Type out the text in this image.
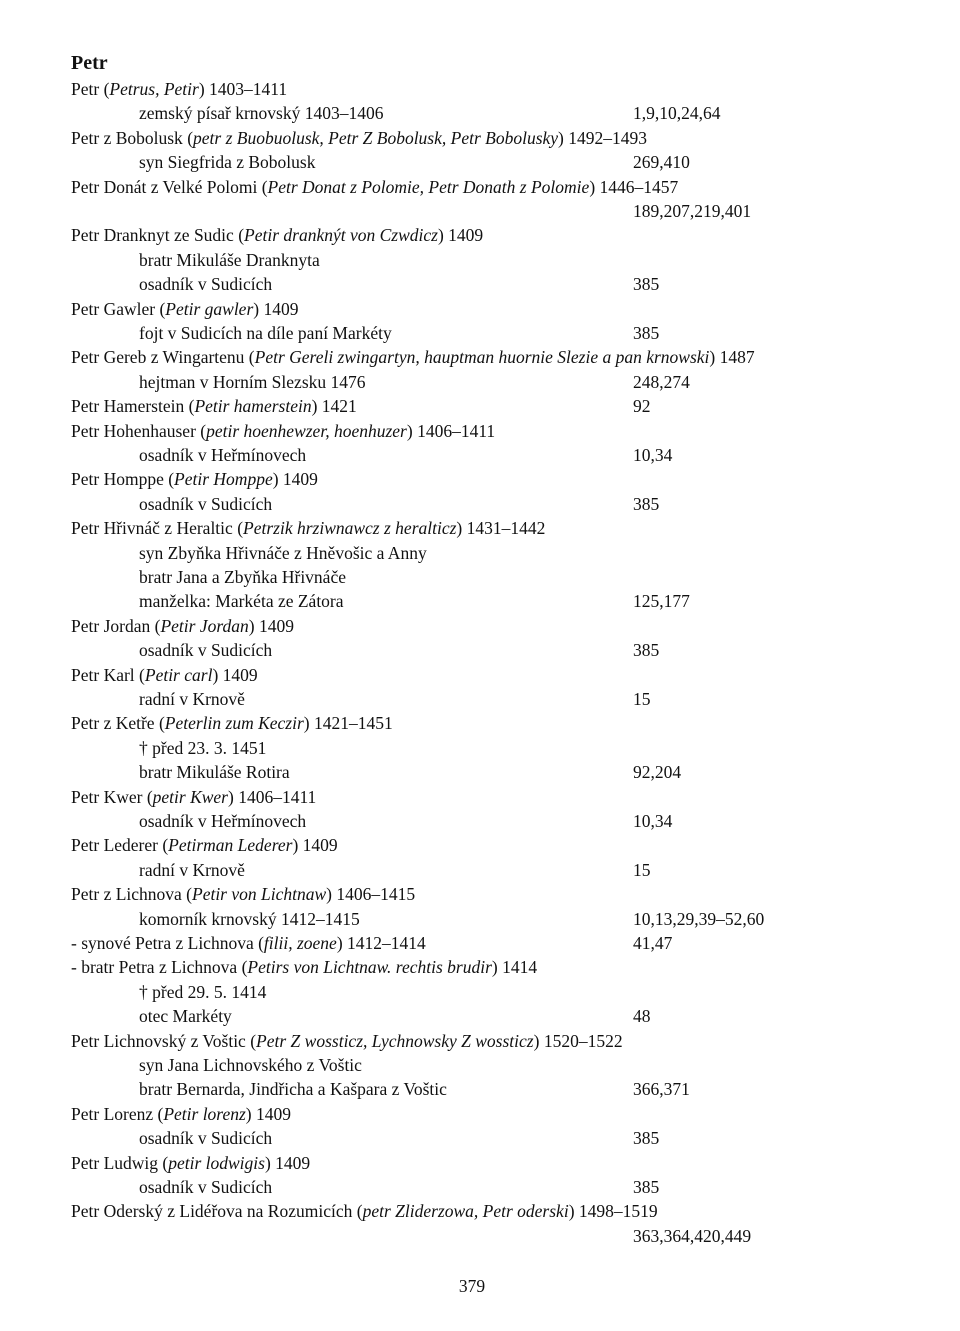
Petr
Petr (Petrus, Petir) 1403–1411
zemský písař krnovský 1403–1406	1,9,10,24,64
Petr z Bobolusk (petr z Buobuolusk, Petr Z Bobolusk, Petr Bobolusky) 1492–1493
syn Siegfrida z Bobolusk	269,410
Petr Donát z Velké Polomi (Petr Donat z Polomie, Petr Donath z Polomie) 1446–1457
189,207,219,401
Petr Dranknyt ze Sudic (Petir dranknýt von Czwdicz) 1409
bratr Mikuláše Dranknyta
osadník v Sudicích	385
Petr Gawler (Petir gawler) 1409
fojt v Sudicích na díle paní Markéty	385
Petr Gereb z Wingartenu (Petr Gereli zwingartyn, hauptman huornie Slezie a pan krnowski) 1487
hejtman v Horním Slezsku 1476	248,274
Petr Hamerstein (Petir hamerstein) 1421	92
Petr Hohenhauser (petir hoenhewzer, hoenhuzer) 1406–1411
osadník v Heřmínovech	10,34
Petr Homppe (Petir Homppe) 1409
osadník v Sudicích	385
Petr Hřivnáč z Heraltic (Petrzik hrziwnawcz z heralticz) 1431–1442
syn Zbyňka Hřivnáče z Hněvošic a Anny
bratr Jana a Zbyňka Hřivnáče
manželka: Markéta ze Zátora	125,177
Petr Jordan (Petir Jordan) 1409
osadník v Sudicích	385
Petr Karl (Petir carl) 1409
radní v Krnově	15
Petr z Ketře (Peterlin zum Keczir) 1421–1451
† před 23. 3. 1451
bratr Mikuláše Rotira	92,204
Petr Kwer (petir Kwer) 1406–1411
osadník v Heřmínovech	10,34
Petr Lederer (Petirman Lederer) 1409
radní v Krnově	15
Petr z Lichnova (Petir von Lichtnaw) 1406–1415
komorník krnovský 1412–1415	10,13,29,39–52,60
- synové Petra z Lichnova (filii, zoene) 1412–1414	41,47
- bratr Petra z Lichnova (Petirs von Lichtnaw. rechtis brudir) 1414
† před 29. 5. 1414
otec Markéty	48
Petr Lichnovský z Voštic (Petr Z wossticz, Lychnowsky Z wossticz) 1520–1522
syn Jana Lichnovského z Voštic
bratr Bernarda, Jindřicha a Kašpara z Voštic	366,371
Petr Lorenz (Petir lorenz) 1409
osadník v Sudicích	385
Petr Ludwig (petir lodwigis) 1409
osadník v Sudicích	385
Petr Oderský z Lidéřova na Rozumicích (petr Zliderzowa, Petr oderski) 1498–1519
363,364,420,449
379
